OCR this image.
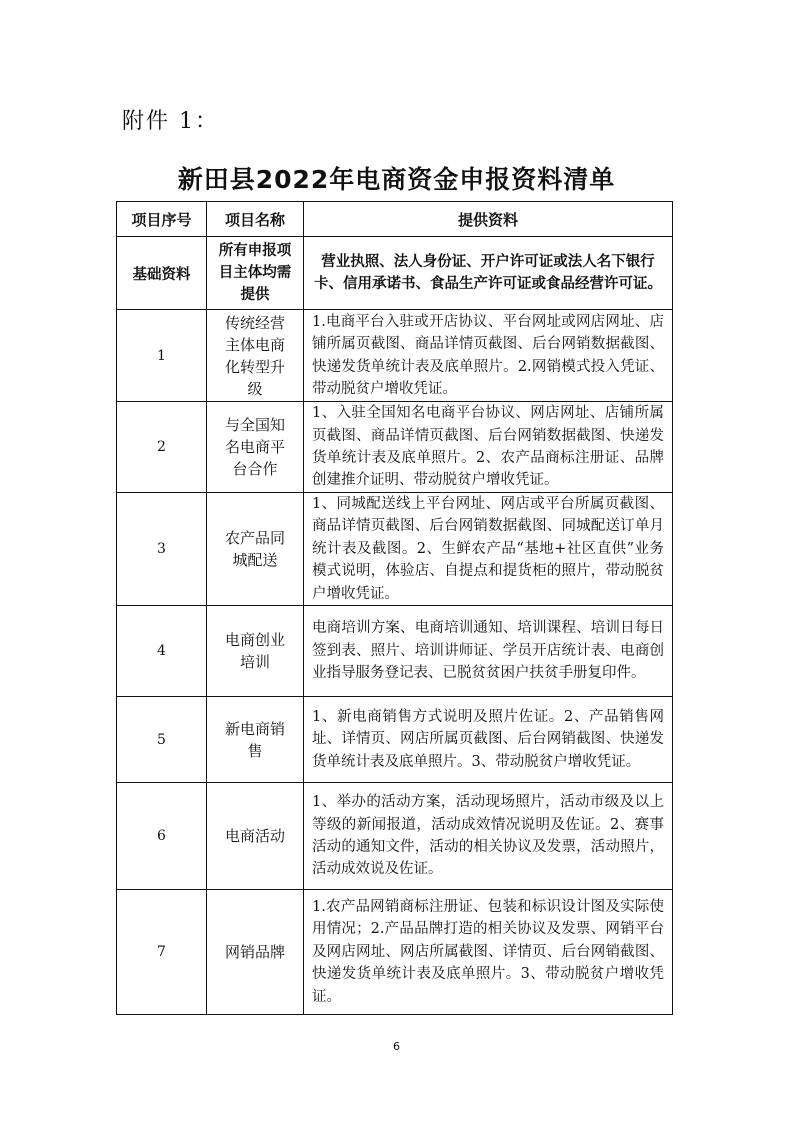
附件 1：
新田县2022年电商资金申报资料清单
项目序号	项目名称	提供资料
基础资料	所有申报项目主体均需提供	营业执照、法人身份证、开户许可证或法人名下银行卡、信用承诺书、食品生产许可证或食品经营许可证。
1	传统经营主体电商化转型升级	1.电商平台入驻或开店协议、平台网址或网店网址、店铺所属页截图、商品详情页截图、后台网销数据截图、快递发货单统计表及底单照片。2.网销模式投入凭证、带动脱贫户增收凭证。
2	与全国知名电商平台合作	1、入驻全国知名电商平台协议、网店网址、店铺所属页截图、商品详情页截图、后台网销数据截图、快递发货单统计表及底单照片。2、农产品商标注册证、品牌创建推介证明、带动脱贫户增收凭证。
3	农产品同城配送	1、同城配送线上平台网址、网店或平台所属页截图、商品详情页截图、后台网销数据截图、同城配送订单月统计表及截图。2、生鲜农产品“基地+社区直供”业务模式说明，体验店、自提点和提货柜的照片，带动脱贫户增收凭证。
4	电商创业培训	电商培训方案、电商培训通知、培训课程、培训日每日签到表、照片、培训讲师证、学员开店统计表、电商创业指导服务登记表、已脱贫贫困户扶贫手册复印件。
5	新电商销售	1、新电商销售方式说明及照片佐证。2、产品销售网址、详情页、网店所属页截图、后台网销截图、快递发货单统计表及底单照片。3、带动脱贫户增收凭证。
6	电商活动	1、举办的活动方案，活动现场照片，活动市级及以上等级的新闻报道，活动成效情况说明及佐证。2、赛事活动的通知文件，活动的相关协议及发票，活动照片，活动成效说及佐证。
7	网销品牌	1.农产品网销商标注册证、包装和标识设计图及实际使用情况；2.产品品牌打造的相关协议及发票、网销平台及网店网址、网店所属截图、详情页、后台网销截图、快递发货单统计表及底单照片。3、带动脱贫户增收凭证。
6
